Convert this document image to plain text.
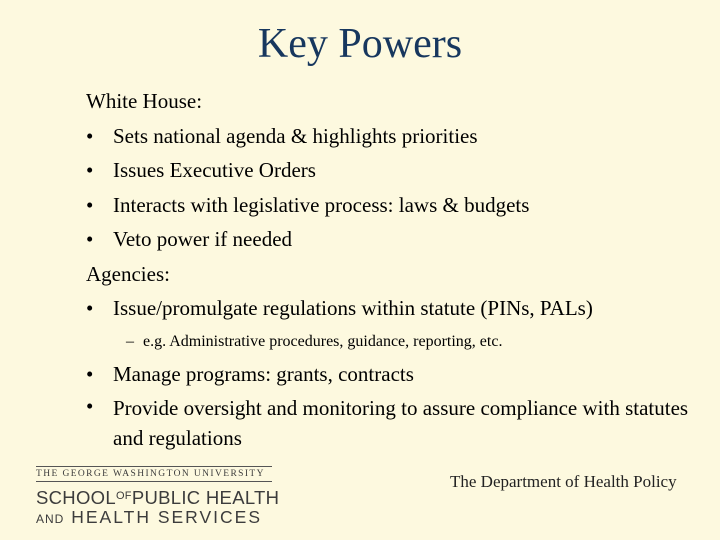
Key Powers
White House:
• Sets national agenda & highlights priorities
• Issues Executive Orders
• Interacts with legislative process: laws & budgets
• Veto power if needed
Agencies:
• Issue/promulgate regulations within statute (PINs, PALs)
– e.g. Administrative procedures, guidance, reporting, etc.
• Manage programs: grants, contracts
• Provide oversight and monitoring to assure compliance with statutes and regulations
THE GEORGE WASHINGTON UNIVERSITY
$SCHOOL^{OF}PUBLIC$ HEALTH
AND HEALTH SERVICES
The Department of Health Policy
